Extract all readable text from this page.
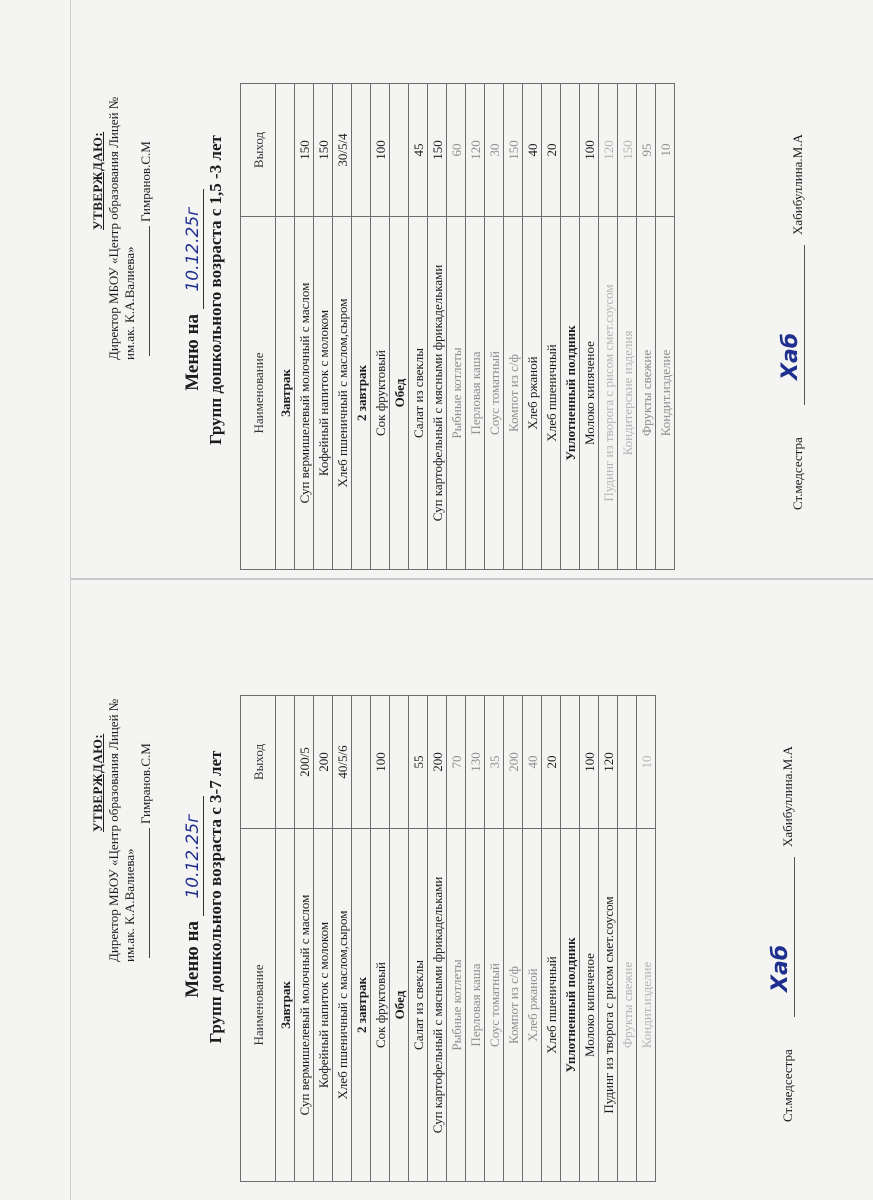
УТВЕРЖДАЮ: Директор МБОУ «Центр образования Лицей № им.ак. К.А.Валиева»
Гимранов.С.М
Меню на 10.12.25г Групп дошкольного возраста с 1,5 -3 лет Наименование	Выход
Завтрак	
Суп вермишелевый молочный с маслом	150
Кофейный напиток с молоком	150
Хлеб пшеничный с маслом,сыром	30/5/4
2 завтрак	
Сок фруктовый	100
Обед	
Салат из свеклы	45
Суп картофельный с мясными фрикадельками	150
Рыбные котлеты	60
Перловая каша	120
Соус томатный	30
Компот из с/ф	150
Хлеб ржаной	40
Хлеб пшеничный	20
Уплотненный полдник	
Молоко кипяченое	100
Пудинг из творога с рисом смет.соусом	120
Кондитерские изделия	150
Фрукты свежие	95
Кондит.изделие	10
Ст.медсестра
Хаб
Хабибуллина.М.А
УТВЕРЖДАЮ: Директор МБОУ «Центр образования Лицей № им.ак. К.А.Валиева»
Гимранов.С.М
Меню на 10.12.25г Групп дошкольного возраста с 3-7 лет Наименование	Выход
Завтрак	
Суп вермишелевый молочный с маслом	200/5
Кофейный напиток с молоком	200
Хлеб пшеничный с маслом,сыром	40/5/6
2 завтрак	
Сок фруктовый	100
Обед	
Салат из свеклы	55
Суп картофельный с мясными фрикадельками	200
Рыбные котлеты	70
Перловая каша	130
Соус томатный	35
Компот из с/ф	200
Хлеб ржаной	40
Хлеб пшеничный	20
Уплотненный полдник	
Молоко кипяченое	100
Пудинг из творога с рисом смет.соусом	120
Фрукты свежие	
Кондит.изделие	10
Ст.медсестра
Хаб
Хабибуллина.М.А
